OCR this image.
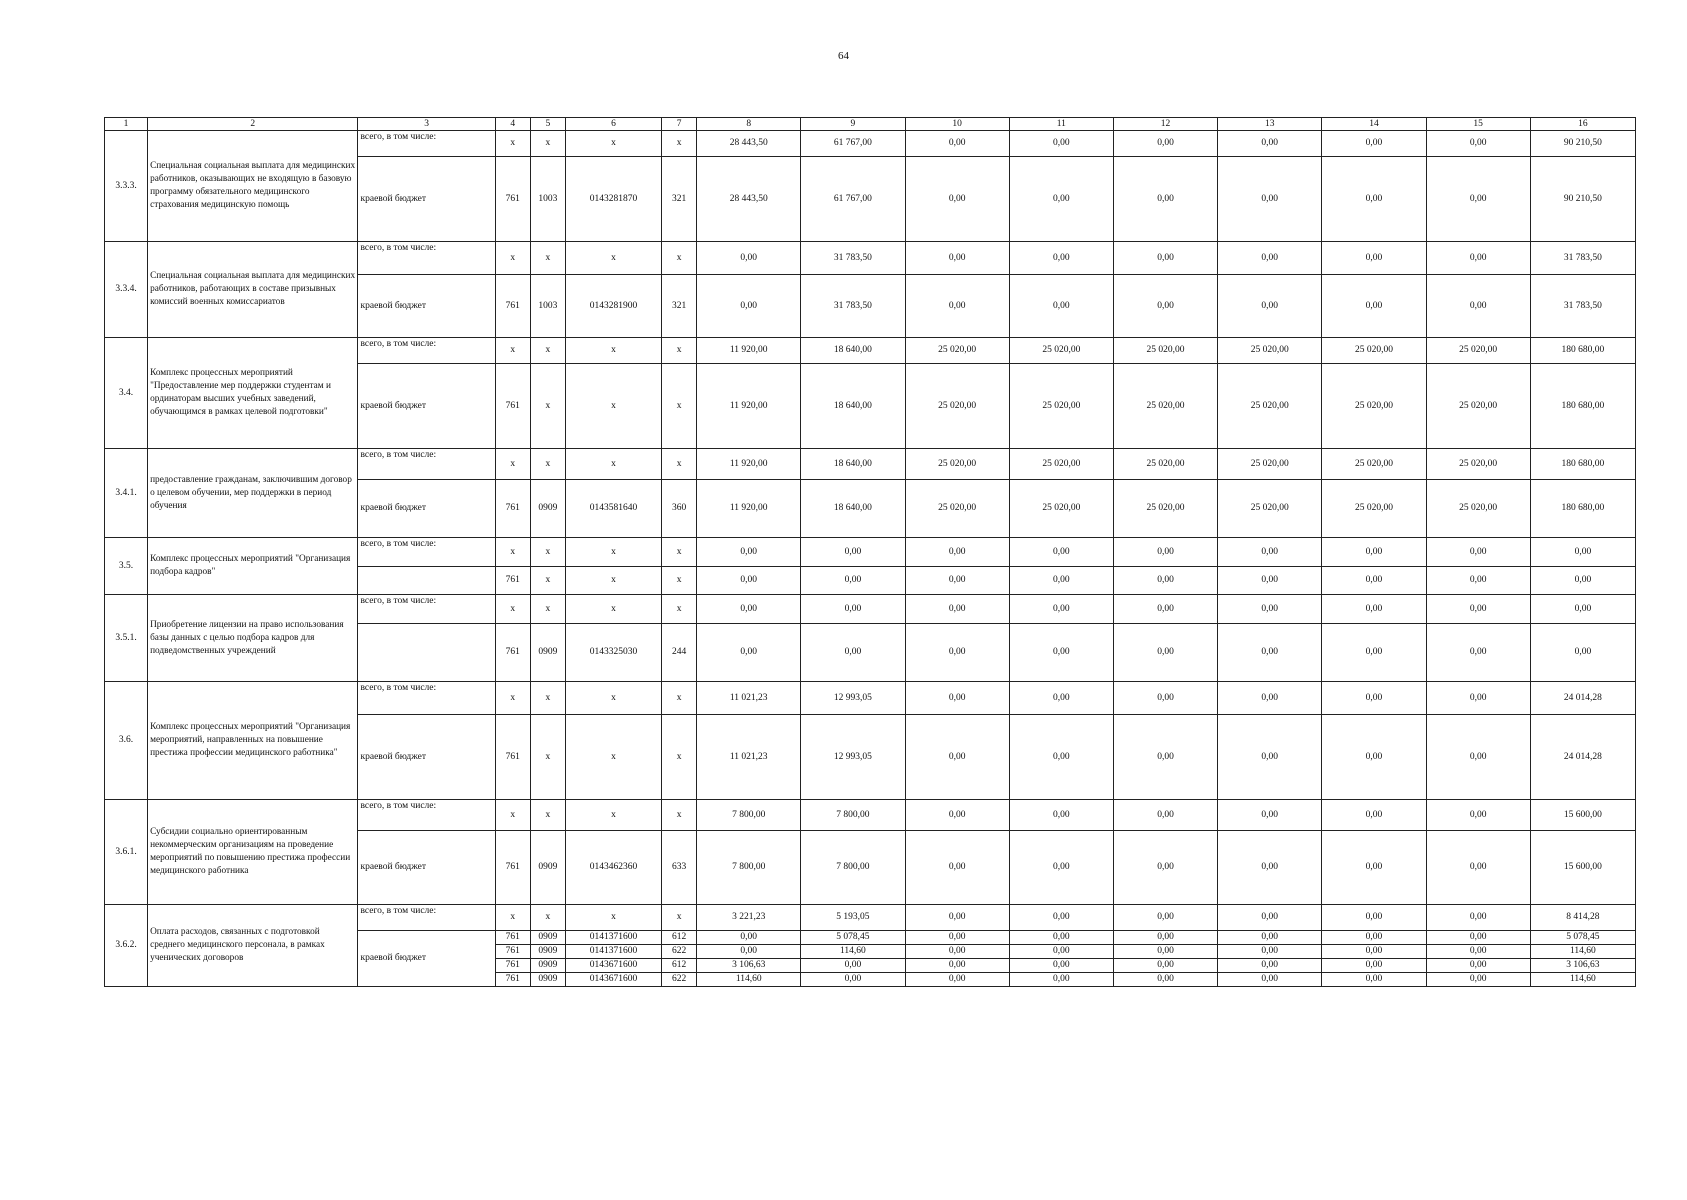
64
1	2	3	4	5	6	7	8	9	10	11	12	13	14	15	16
3.3.3.	Специальная социальная выплата для медицинских работников, оказывающих не входящую в базовую программу обязательного медицинского страхования медицинскую помощь	всего, в том числе:	x	x	x	x	28 443,50	61 767,00	0,00	0,00	0,00	0,00	0,00	0,00	90 210,50
		краевой бюджет	761	1003	0143281870	321	28 443,50	61 767,00	0,00	0,00	0,00	0,00	0,00	0,00	90 210,50
3.3.4.	Специальная социальная выплата для медицинских работников, работающих в составе призывных комиссий военных комиссариатов	всего, в том числе:	x	x	x	x	0,00	31 783,50	0,00	0,00	0,00	0,00	0,00	0,00	31 783,50
		краевой бюджет	761	1003	0143281900	321	0,00	31 783,50	0,00	0,00	0,00	0,00	0,00	0,00	31 783,50
3.4.	Комплекс процессных мероприятий "Предоставление мер поддержки студентам и ординаторам высших учебных заведений, обучающимся в рамках целевой подготовки"	всего, в том числе:	x	x	x	x	11 920,00	18 640,00	25 020,00	25 020,00	25 020,00	25 020,00	25 020,00	25 020,00	180 680,00
		краевой бюджет	761	x	x	x	11 920,00	18 640,00	25 020,00	25 020,00	25 020,00	25 020,00	25 020,00	25 020,00	180 680,00
3.4.1.	предоставление гражданам, заключившим договор о целевом обучении, мер поддержки в период обучения	всего, в том числе:	x	x	x	x	11 920,00	18 640,00	25 020,00	25 020,00	25 020,00	25 020,00	25 020,00	25 020,00	180 680,00
		краевой бюджет	761	0909	0143581640	360	11 920,00	18 640,00	25 020,00	25 020,00	25 020,00	25 020,00	25 020,00	25 020,00	180 680,00
3.5.	Комплекс процессных мероприятий "Организация подбора кадров"	всего, в том числе:	x	x	x	x	0,00	0,00	0,00	0,00	0,00	0,00	0,00	0,00	0,00
			761	x	x	x	0,00	0,00	0,00	0,00	0,00	0,00	0,00	0,00	0,00
3.5.1.	Приобретение лицензии на право использования базы данных с целью подбора кадров для подведомственных учреждений	всего, в том числе:	x	x	x	x	0,00	0,00	0,00	0,00	0,00	0,00	0,00	0,00	0,00
			761	0909	0143325030	244	0,00	0,00	0,00	0,00	0,00	0,00	0,00	0,00	0,00
3.6.	Комплекс процессных мероприятий "Организация мероприятий, направленных на повышение престижа профессии медицинского работника"	всего, в том числе:	x	x	x	x	11 021,23	12 993,05	0,00	0,00	0,00	0,00	0,00	0,00	24 014,28
		краевой бюджет	761	x	x	x	11 021,23	12 993,05	0,00	0,00	0,00	0,00	0,00	0,00	24 014,28
3.6.1.	Субсидии социально ориентированным некоммерческим организациям на проведение мероприятий по повышению престижа профессии медицинского работника	всего, в том числе:	x	x	x	x	7 800,00	7 800,00	0,00	0,00	0,00	0,00	0,00	0,00	15 600,00
		краевой бюджет	761	0909	0143462360	633	7 800,00	7 800,00	0,00	0,00	0,00	0,00	0,00	0,00	15 600,00
3.6.2.	Оплата расходов, связанных с подготовкой среднего медицинского персонала, в рамках ученических договоров	всего, в том числе:	x	x	x	x	3 221,23	5 193,05	0,00	0,00	0,00	0,00	0,00	0,00	8 414,28
		краевой бюджет	761	0909	0141371600	612	0,00	5 078,45	0,00	0,00	0,00	0,00	0,00	0,00	5 078,45
			761	0909	0141371600	622	0,00	114,60	0,00	0,00	0,00	0,00	0,00	0,00	114,60
			761	0909	0143671600	612	3 106,63	0,00	0,00	0,00	0,00	0,00	0,00	0,00	3 106,63
			761	0909	0143671600	622	114,60	0,00	0,00	0,00	0,00	0,00	0,00	0,00	114,60
